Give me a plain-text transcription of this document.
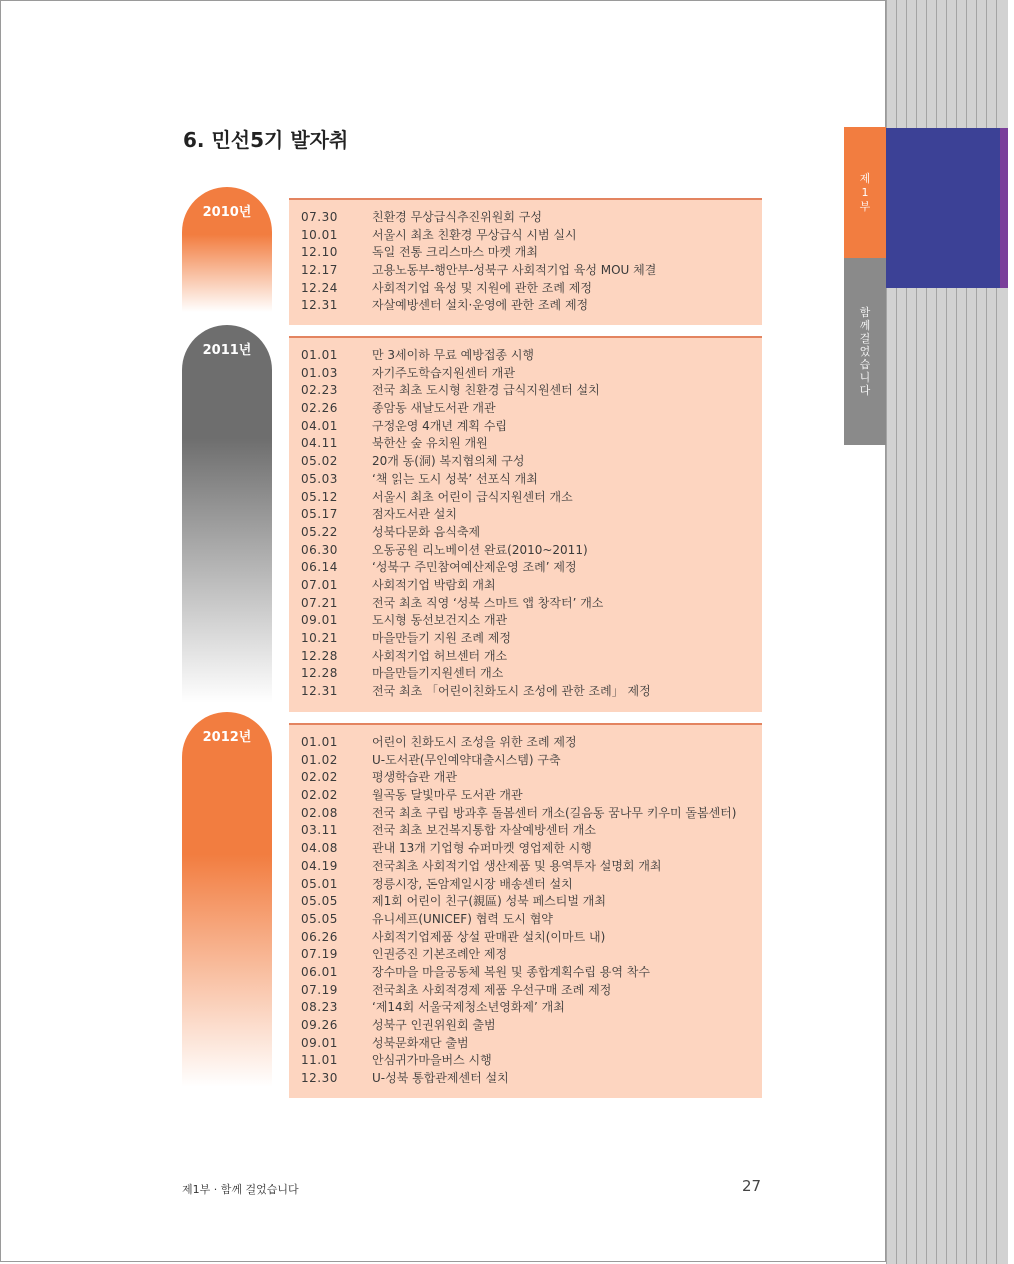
제
1
부
함
께
걸
었
습
니
다
6. 민선5기 발자취
2010년	07.30	친환경 무상급식추진위원회 구성
10.01	서울시 최초 친환경 무상급식 시범 실시
12.10	독일 전통 크리스마스 마켓 개최
12.17	고용노동부-행안부-성북구 사회적기업 육성 MOU 체결
12.24	사회적기업 육성 및 지원에 관한 조례 제정
12.31	자살예방센터 설치·운영에 관한 조례 제정
2011년	01.01	만 3세이하 무료 예방접종 시행
01.03	자기주도학습지원센터 개관
02.23	전국 최초 도시형 친환경 급식지원센터 설치
02.26	종암동 새날도서관 개관
04.01	구정운영 4개년 계획 수립
04.11	북한산 숲 유치원 개원
05.02	20개 동(洞) 복지협의체 구성
05.03	‘책 읽는 도시 성북’ 선포식 개최
05.12	서울시 최초 어린이 급식지원센터 개소
05.17	점자도서관 설치
05.22	성북다문화 음식축제
06.30	오동공원 리노베이션 완료(2010~2011)
06.14	‘성북구 주민참여예산제운영 조례’ 제정
07.01	사회적기업 박람회 개최
07.21	전국 최초 직영 ‘성북 스마트 앱 창작터’ 개소
09.01	도시형 동선보건지소 개관
10.21	마을만들기 지원 조례 제정
12.28	사회적기업 허브센터 개소
12.28	마을만들기지원센터 개소
12.31	전국 최초 「어린이친화도시 조성에 관한 조례」 제정
2012년	01.01	어린이 친화도시 조성을 위한 조례 제정
01.02	U-도서관(무인예약대출시스템) 구축
02.02	평생학습관 개관
02.02	월곡동 달빛마루 도서관 개관
02.08	전국 최초 구립 방과후 돌봄센터 개소(길음동 꿈나무 키우미 돌봄센터)
03.11	전국 최초 보건복지통합 자살예방센터 개소
04.08	관내 13개 기업형 슈퍼마켓 영업제한 시행
04.19	전국최초 사회적기업 생산제품 및 용역투자 설명회 개최
05.01	정릉시장, 돈암제일시장 배송센터 설치
05.05	제1회 어린이 친구(親區) 성북 페스티벌 개최
05.05	유니세프(UNICEF) 협력 도시 협약
06.26	사회적기업제품 상설 판매관 설치(이마트 내)
07.19	인권증진 기본조례안 제정
06.01	장수마을 마을공동체 복원 및 종합계획수립 용역 착수
07.19	전국최초 사회적경제 제품 우선구매 조례 제정
08.23	‘제14회 서울국제청소년영화제’ 개최
09.26	성북구 인권위원회 출범
09.01	성북문화재단 출범
11.01	안심귀가마을버스 시행
12.30	U-성북 통합관제센터 설치
제1부 · 함께 걸었습니다	27
